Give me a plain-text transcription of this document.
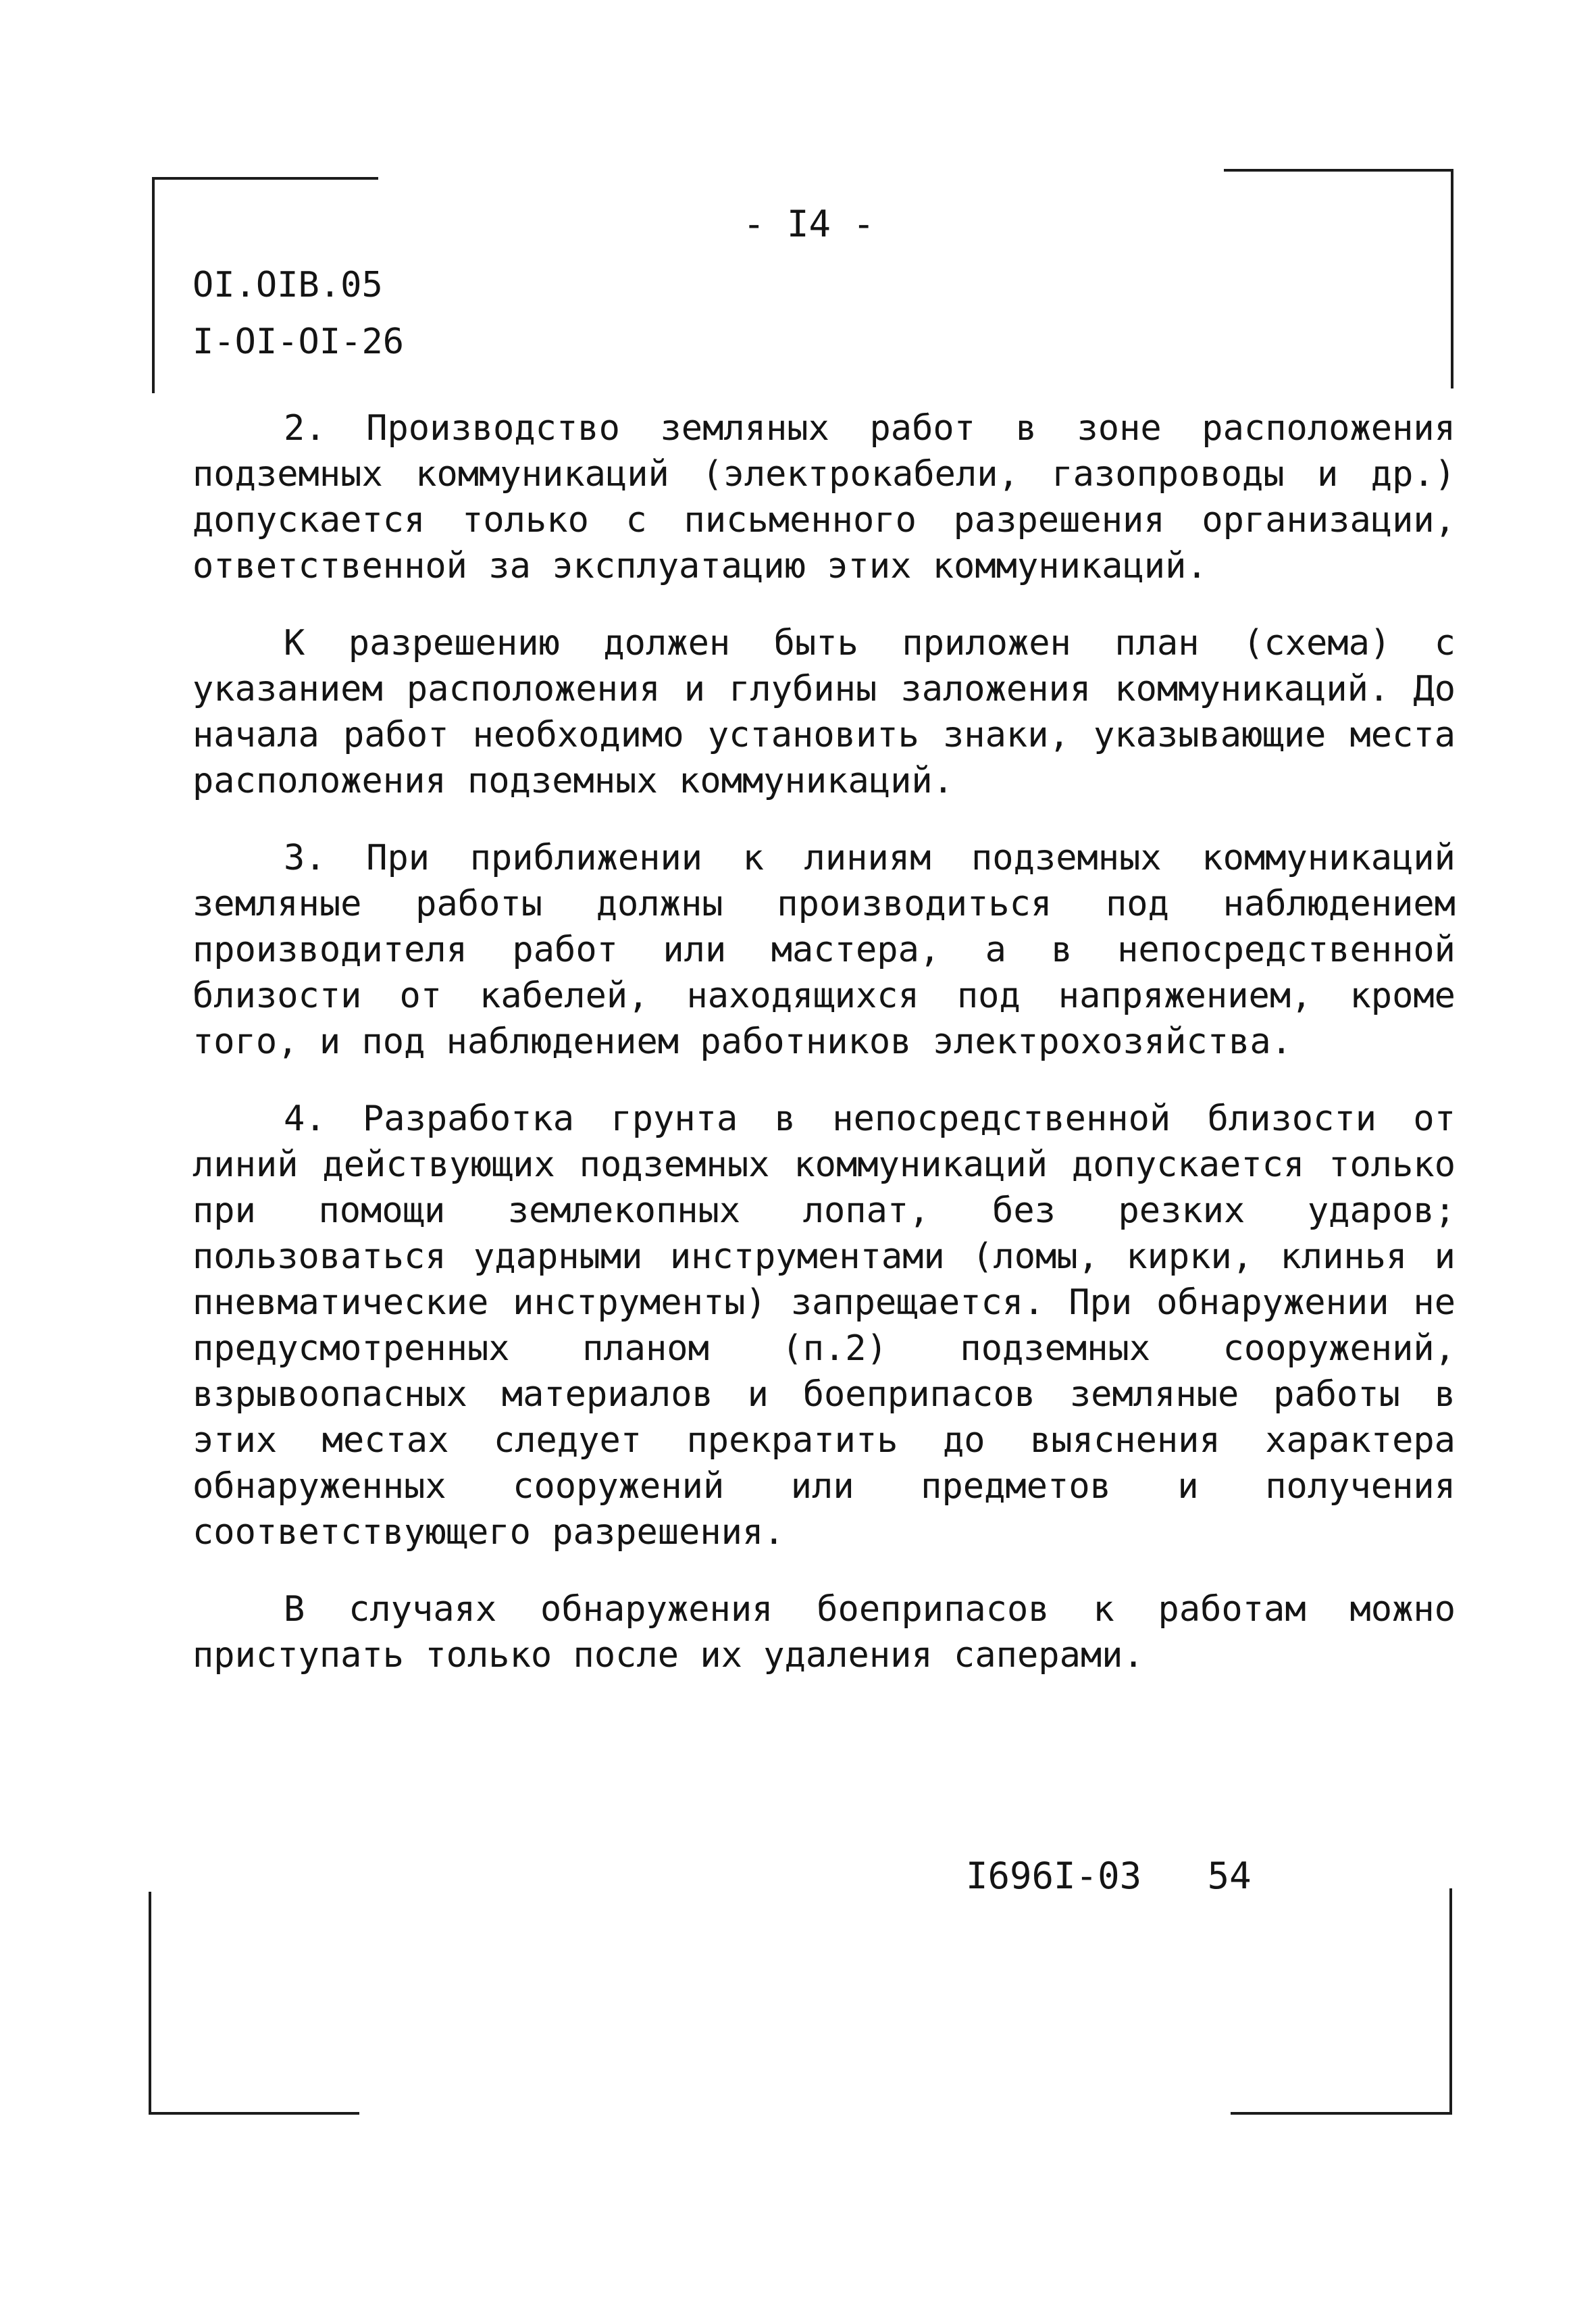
- I4 -
OI.OIB.05
I-OI-OI-26

2. Производство земляных работ в зоне расположения подземных коммуникаций (электрокабели, газопроводы и др.) допускается только с письменного разрешения организации, ответственной за эксплуатацию этих коммуникаций.

К разрешению должен быть приложен план (схема) с указанием расположения и глубины заложения коммуникаций. До начала работ необходимо установить знаки, указывающие места расположения подземных коммуникаций.

3. При приближении к линиям подземных коммуникаций земляные работы должны производиться под наблюдением производителя работ или мастера, а в непосредственной близости от кабелей, находящихся под напряжением, кроме того, и под наблюдением работников электрохозяйства.

4. Разработка грунта в непосредственной близости от линий действующих подземных коммуникаций допускается только при помощи землекопных лопат, без резких ударов; пользоваться ударными инструментами (ломы, кирки, клинья и пневматические инструменты) запрещается. При обнаружении не предусмотренных планом (п.2) подземных сооружений, взрывоопасных материалов и боеприпасов земляные работы в этих местах следует прекратить до выяснения характера обнаруженных сооружений или предметов и получения соответствующего разрешения.

В случаях обнаружения боеприпасов к работам можно приступать только после их удаления саперами.

I696I-03   54
